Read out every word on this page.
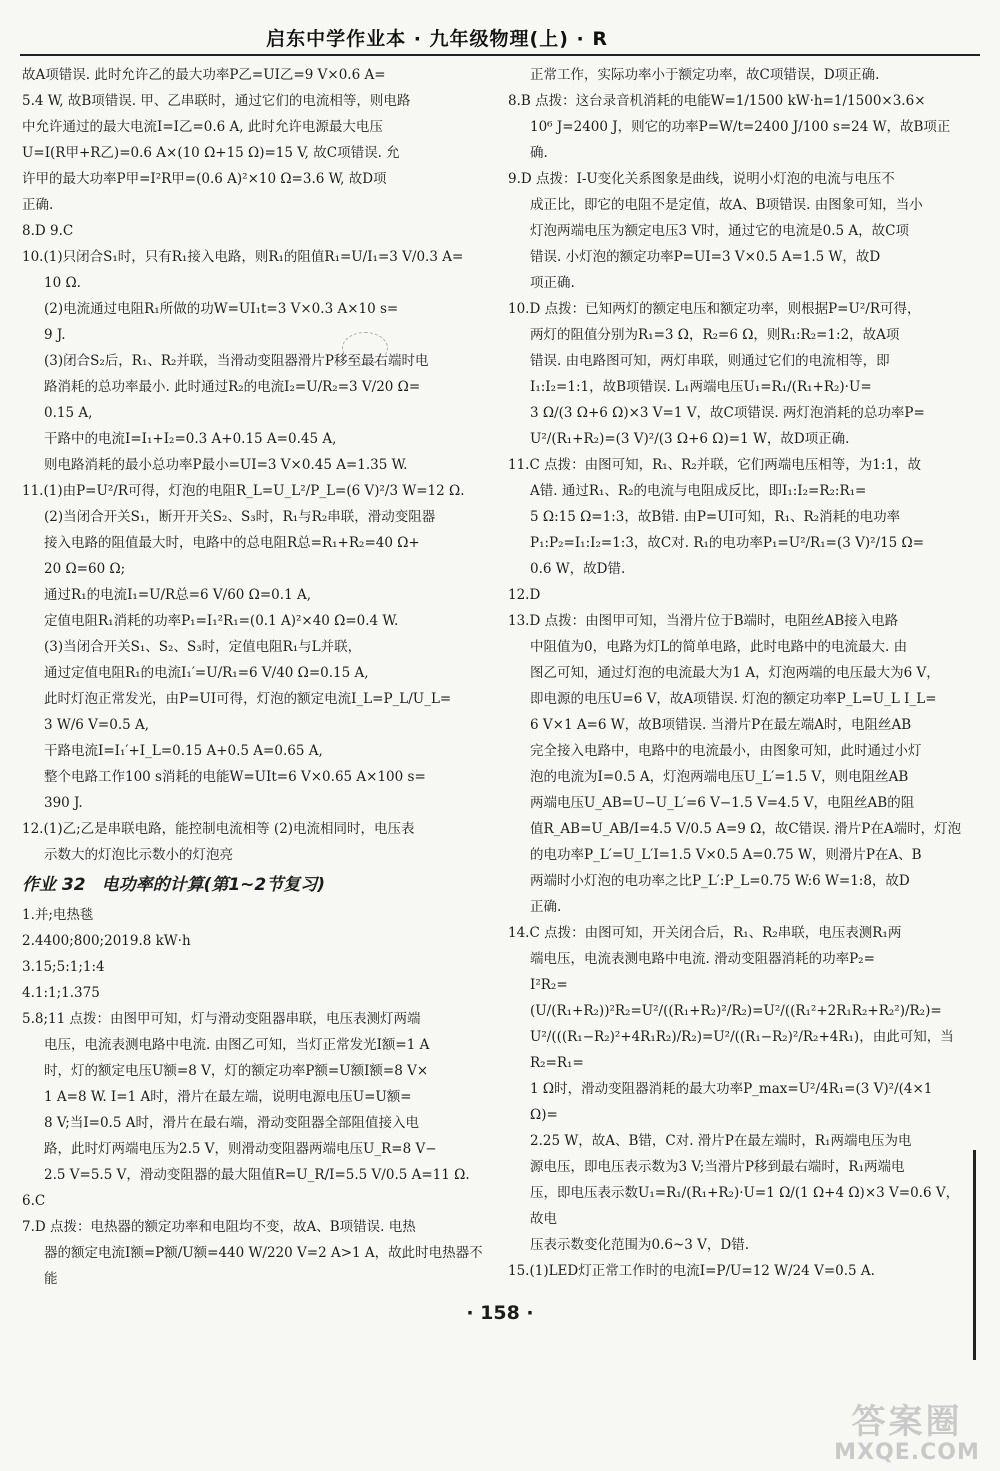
启东中学作业本 · 九年级物理(上) · R

故A项错误. 此时允许乙的最大功率P乙=UI乙=9 V×0.6 A=

5.4 W, 故B项错误. 甲、乙串联时，通过它们的电流相等，则电路

中允许通过的最大电流I=I乙=0.6 A, 此时允许电源最大电压

U=I(R甲+R乙)=0.6 A×(10 Ω+15 Ω)=15 V, 故C项错误. 允

许甲的最大功率P甲=I²R甲=(0.6 A)²×10 Ω=3.6 W, 故D项

正确.

8.D 9.C

10.(1)只闭合S₁时，只有R₁接入电路，则R₁的阻值R₁=U/I₁=3 V/0.3 A=

10 Ω.

(2)电流通过电阻R₁所做的功W=UI₁t=3 V×0.3 A×10 s=

9 J.

(3)闭合S₂后，R₁、R₂并联，当滑动变阻器滑片P移至最右端时电

路消耗的总功率最小. 此时通过R₂的电流I₂=U/R₂=3 V/20 Ω=

0.15 A,

干路中的电流I=I₁+I₂=0.3 A+0.15 A=0.45 A,

则电路消耗的最小总功率P最小=UI=3 V×0.45 A=1.35 W.

11.(1)由P=U²/R可得，灯泡的电阻R_L=U_L²/P_L=(6 V)²/3 W=12 Ω.

(2)当闭合开关S₁，断开开关S₂、S₃时，R₁与R₂串联，滑动变阻器

接入电路的阻值最大时，电路中的总电阻R总=R₁+R₂=40 Ω+

20 Ω=60 Ω;

通过R₁的电流I₁=U/R总=6 V/60 Ω=0.1 A,

定值电阻R₁消耗的功率P₁=I₁²R₁=(0.1 A)²×40 Ω=0.4 W.

(3)当闭合开关S₁、S₂、S₃时，定值电阻R₁与L并联，

通过定值电阻R₁的电流I₁′=U/R₁=6 V/40 Ω=0.15 A,

此时灯泡正常发光，由P=UI可得，灯泡的额定电流I_L=P_L/U_L=

3 W/6 V=0.5 A,

干路电流I=I₁′+I_L=0.15 A+0.5 A=0.65 A,

整个电路工作100 s消耗的电能W=UIt=6 V×0.65 A×100 s=

390 J.

12.(1)乙;乙是串联电路，能控制电流相等 (2)电流相同时，电压表

示数大的灯泡比示数小的灯泡亮

作业 32 电功率的计算(第1~2节复习)

1.并;电热毯

2.4400;800;2019.8 kW·h

3.15;5:1;1:4

4.1:1;1.375

5.8;11 点拨：由图甲可知，灯与滑动变阻器串联，电压表测灯两端

电压，电流表测电路中电流. 由图乙可知，当灯正常发光I额=1 A

时，灯的额定电压U额=8 V，灯的额定功率P额=U额I额=8 V×

1 A=8 W. I=1 A时，滑片在最左端，说明电源电压U=U额=

8 V;当I=0.5 A时，滑片在最右端，滑动变阻器全部阻值接入电

路，此时灯两端电压为2.5 V，则滑动变阻器两端电压U_R=8 V−

2.5 V=5.5 V，滑动变阻器的最大阻值R=U_R/I=5.5 V/0.5 A=11 Ω.

6.C

7.D 点拨：电热器的额定功率和电阻均不变，故A、B项错误. 电热

器的额定电流I额=P额/U额=440 W/220 V=2 A>1 A，故此时电热器不能

正常工作，实际功率小于额定功率，故C项错误，D项正确.

8.B 点拨：这台录音机消耗的电能W=1/1500 kW·h=1/1500×3.6×

10⁶ J=2400 J，则它的功率P=W/t=2400 J/100 s=24 W，故B项正确.

9.D 点拨：I-U变化关系图象是曲线，说明小灯泡的电流与电压不

成正比，即它的电阻不是定值，故A、B项错误. 由图象可知，当小

灯泡两端电压为额定电压3 V时，通过它的电流是0.5 A，故C项

错误. 小灯泡的额定功率P=UI=3 V×0.5 A=1.5 W，故D

项正确.

10.D 点拨：已知两灯的额定电压和额定功率，则根据P=U²/R可得，

两灯的阻值分别为R₁=3 Ω，R₂=6 Ω，则R₁:R₂=1:2，故A项

错误. 由电路图可知，两灯串联，则通过它们的电流相等，即

I₁:I₂=1:1，故B项错误. L₁两端电压U₁=R₁/(R₁+R₂)·U=

3 Ω/(3 Ω+6 Ω)×3 V=1 V，故C项错误. 两灯泡消耗的总功率P=

U²/(R₁+R₂)=(3 V)²/(3 Ω+6 Ω)=1 W，故D项正确.

11.C 点拨：由图可知，R₁、R₂并联，它们两端电压相等，为1:1，故

A错. 通过R₁、R₂的电流与电阻成反比，即I₁:I₂=R₂:R₁=

5 Ω:15 Ω=1:3，故B错. 由P=UI可知，R₁、R₂消耗的电功率

P₁:P₂=I₁:I₂=1:3，故C对. R₁的电功率P₁=U²/R₁=(3 V)²/15 Ω=

0.6 W，故D错.

12.D

13.D 点拨：由图甲可知，当滑片位于B端时，电阻丝AB接入电路

中阻值为0，电路为灯L的简单电路，此时电路中的电流最大. 由

图乙可知，通过灯泡的电流最大为1 A，灯泡两端的电压最大为6 V，

即电源的电压U=6 V，故A项错误. 灯泡的额定功率P_L=U_L I_L=

6 V×1 A=6 W，故B项错误. 当滑片P在最左端A时，电阻丝AB

完全接入电路中，电路中的电流最小，由图象可知，此时通过小灯

泡的电流为I=0.5 A，灯泡两端电压U_L′=1.5 V，则电阻丝AB

两端电压U_AB=U−U_L′=6 V−1.5 V=4.5 V，电阻丝AB的阻

值R_AB=U_AB/I=4.5 V/0.5 A=9 Ω，故C错误. 滑片P在A端时，灯泡

的电功率P_L′=U_L′I=1.5 V×0.5 A=0.75 W，则滑片P在A、B

两端时小灯泡的电功率之比P_L′:P_L=0.75 W:6 W=1:8，故D

正确.

14.C 点拨：由图可知，开关闭合后，R₁、R₂串联，电压表测R₁两

端电压，电流表测电路中电流. 滑动变阻器消耗的功率P₂=

I²R₂=(U/(R₁+R₂))²R₂=U²/((R₁+R₂)²/R₂)=U²/((R₁²+2R₁R₂+R₂²)/R₂)=

U²/(((R₁−R₂)²+4R₁R₂)/R₂)=U²/((R₁−R₂)²/R₂+4R₁)，由此可知，当R₂=R₁=

1 Ω时，滑动变阻器消耗的最大功率P_max=U²/4R₁=(3 V)²/(4×1 Ω)=

2.25 W，故A、B错，C对. 滑片P在最左端时，R₁两端电压为电

源电压，即电压表示数为3 V;当滑片P移到最右端时，R₁两端电

压，即电压表示数U₁=R₁/(R₁+R₂)·U=1 Ω/(1 Ω+4 Ω)×3 V=0.6 V，故电

压表示数变化范围为0.6~3 V，D错.

15.(1)LED灯正常工作时的电流I=P/U=12 W/24 V=0.5 A.

· 158 ·
答案圈
MXQE.COM
